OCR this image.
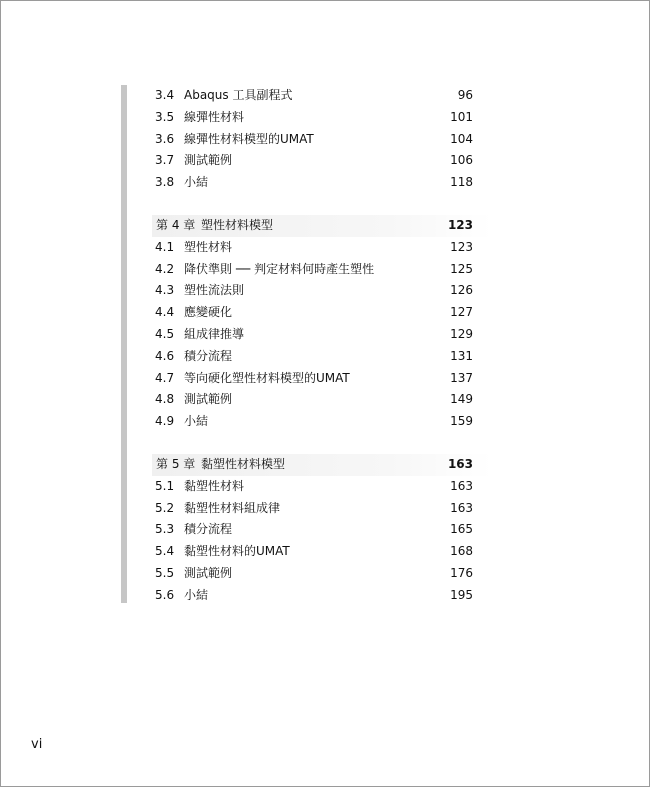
3.4 Abaqus 工具副程式	96
3.5 線彈性材料	101
3.6 線彈性材料模型的UMAT	104
3.7 測試範例	106
3.8 小結	118
第 4 章 塑性材料模型	123
4.1 塑性材料	123
4.2 降伏準則 ── 判定材料何時產生塑性	125
4.3 塑性流法則	126
4.4 應變硬化	127
4.5 組成律推導	129
4.6 積分流程	131
4.7 等向硬化塑性材料模型的UMAT	137
4.8 測試範例	149
4.9 小結	159
第 5 章 黏塑性材料模型	163
5.1 黏塑性材料	163
5.2 黏塑性材料組成律	163
5.3 積分流程	165
5.4 黏塑性材料的UMAT	168
5.5 測試範例	176
5.6 小結	195
vi
